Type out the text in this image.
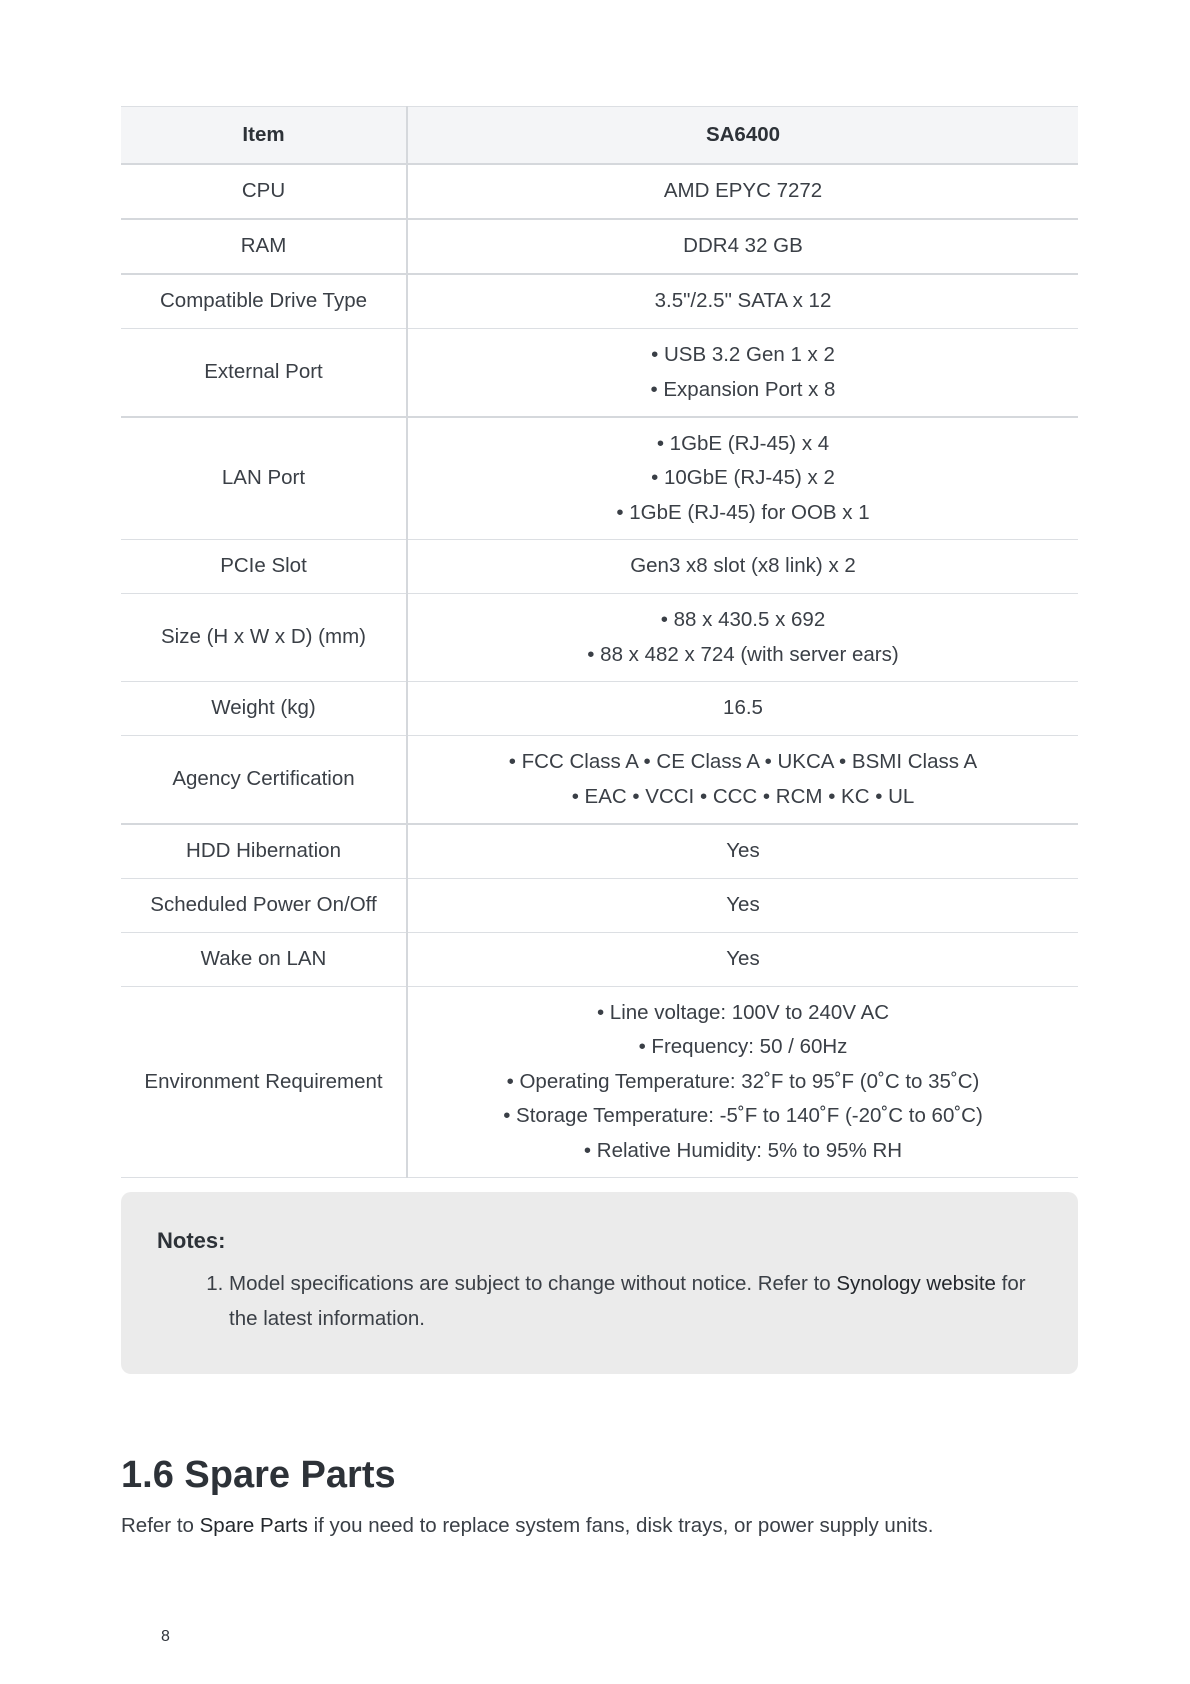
Item	SA6400
CPU	AMD EPYC 7272
RAM	DDR4 32 GB
Compatible Drive Type	3.5"/2.5" SATA x 12
External Port	• USB 3.2 Gen 1 x 2
• Expansion Port x 8

LAN Port	• 1GbE (RJ-45) x 4
• 10GbE (RJ-45) x 2
• 1GbE (RJ-45) for OOB x 1

PCIe Slot	Gen3 x8 slot (x8 link) x 2
Size (H x W x D) (mm)	• 88 x 430.5 x 692
• 88 x 482 x 724 (with server ears)

Weight (kg)	16.5
Agency Certification	• FCC Class A • CE Class A • UKCA • BSMI Class A
• EAC • VCCI • CCC • RCM • KC • UL

HDD Hibernation	Yes
Scheduled Power On/Off	Yes
Wake on LAN	Yes
Environment Requirement	• Line voltage: 100V to 240V AC
• Frequency: 50 / 60Hz
• Operating Temperature: 32˚F to 95˚F (0˚C to 35˚C)
• Storage Temperature: -5˚F to 140˚F (-20˚C to 60˚C)
• Relative Humidity: 5% to 95% RH
Notes:
1. Model specifications are subject to change without notice. Refer to Synology website for the latest information.
1.6 Spare Parts

Refer to Spare Parts if you need to replace system fans, disk trays, or power supply units.

8
